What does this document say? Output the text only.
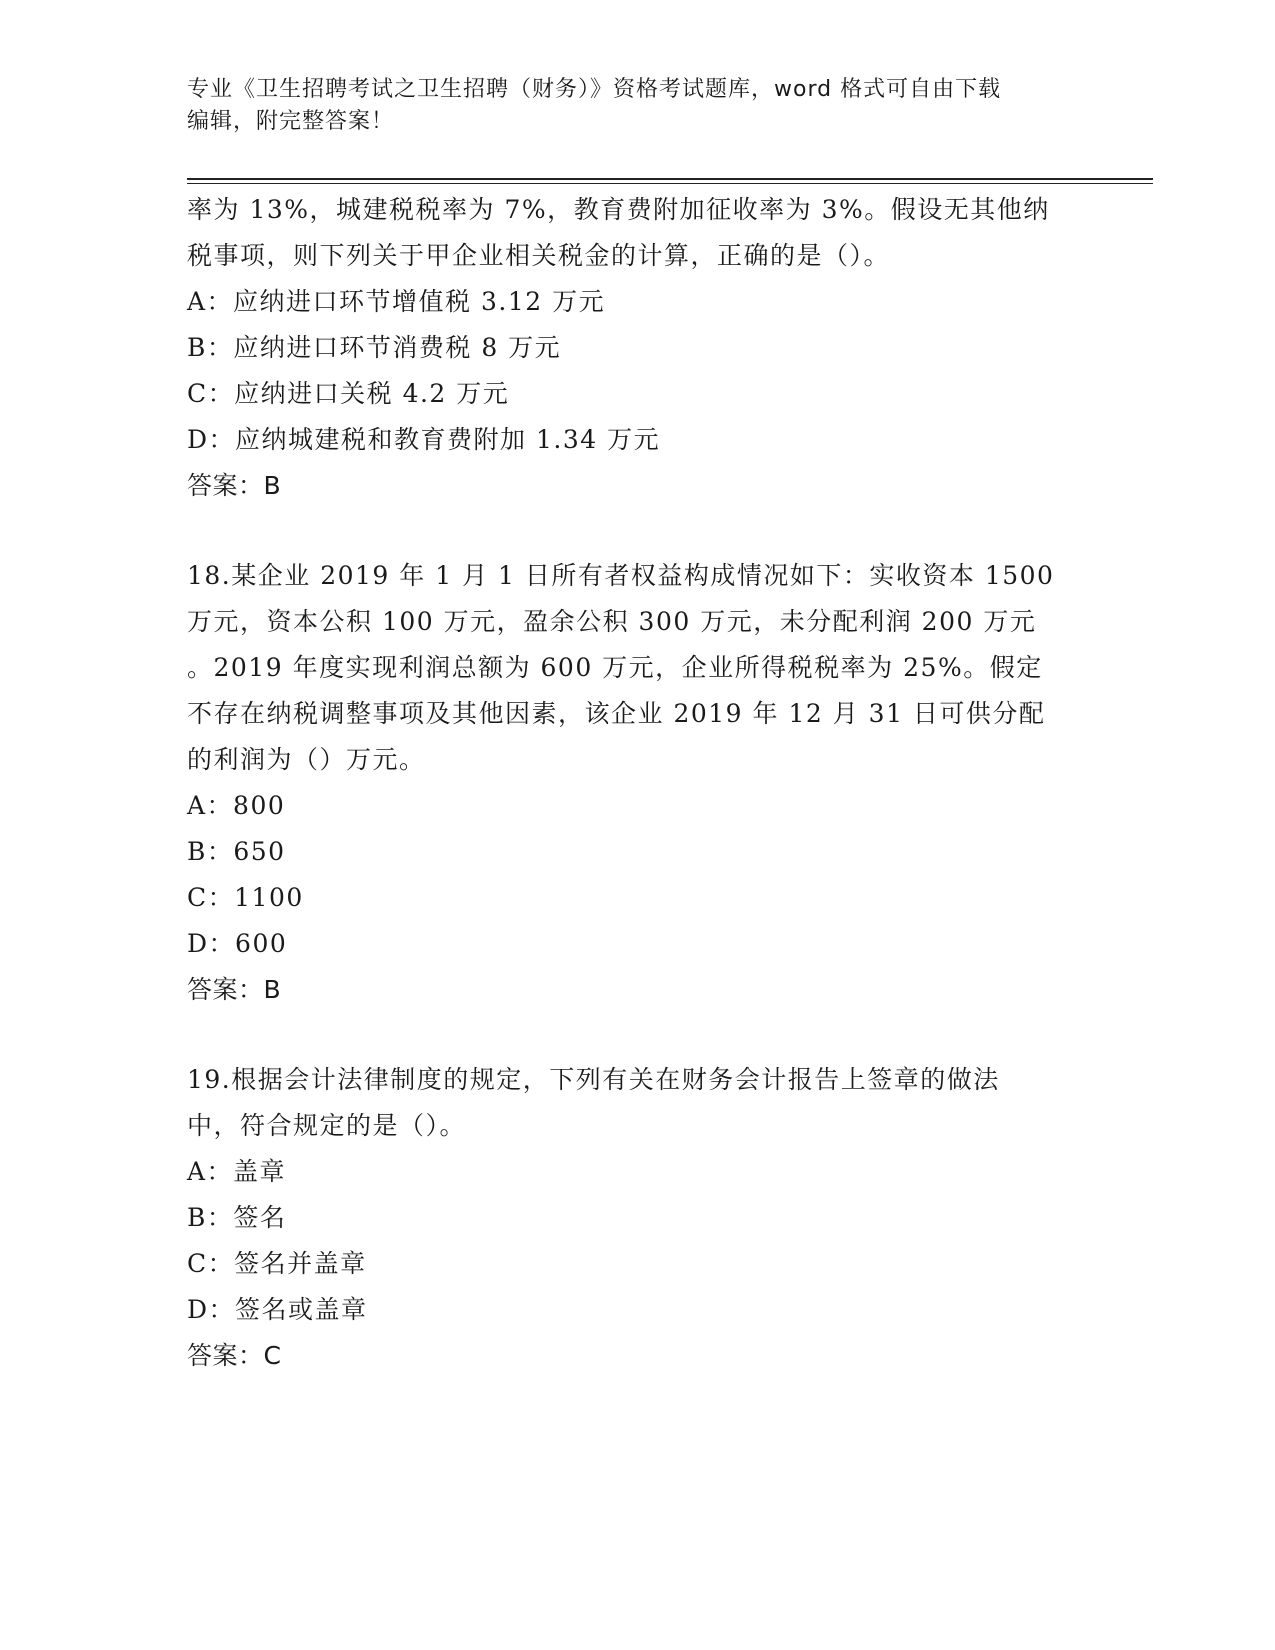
专业《卫生招聘考试之卫生招聘（财务）》资格考试题库，word 格式可自由下载
编辑，附完整答案！
率为 13%，城建税税率为 7%，教育费附加征收率为 3%。假设无其他纳
税事项，则下列关于甲企业相关税金的计算，正确的是（）。
A：应纳进口环节增值税 3.12 万元
B：应纳进口环节消费税 8 万元
C：应纳进口关税 4.2 万元
D：应纳城建税和教育费附加 1.34 万元
答案：B
18.某企业 2019 年 1 月 1 日所有者权益构成情况如下：实收资本 1500
万元，资本公积 100 万元，盈余公积 300 万元，未分配利润 200 万元
。2019 年度实现利润总额为 600 万元，企业所得税税率为 25%。假定
不存在纳税调整事项及其他因素，该企业 2019 年 12 月 31 日可供分配
的利润为（）万元。
A：800
B：650
C：1100
D：600
答案：B
19.根据会计法律制度的规定，下列有关在财务会计报告上签章的做法
中，符合规定的是（）。
A：盖章
B：签名
C：签名并盖章
D：签名或盖章
答案：C
